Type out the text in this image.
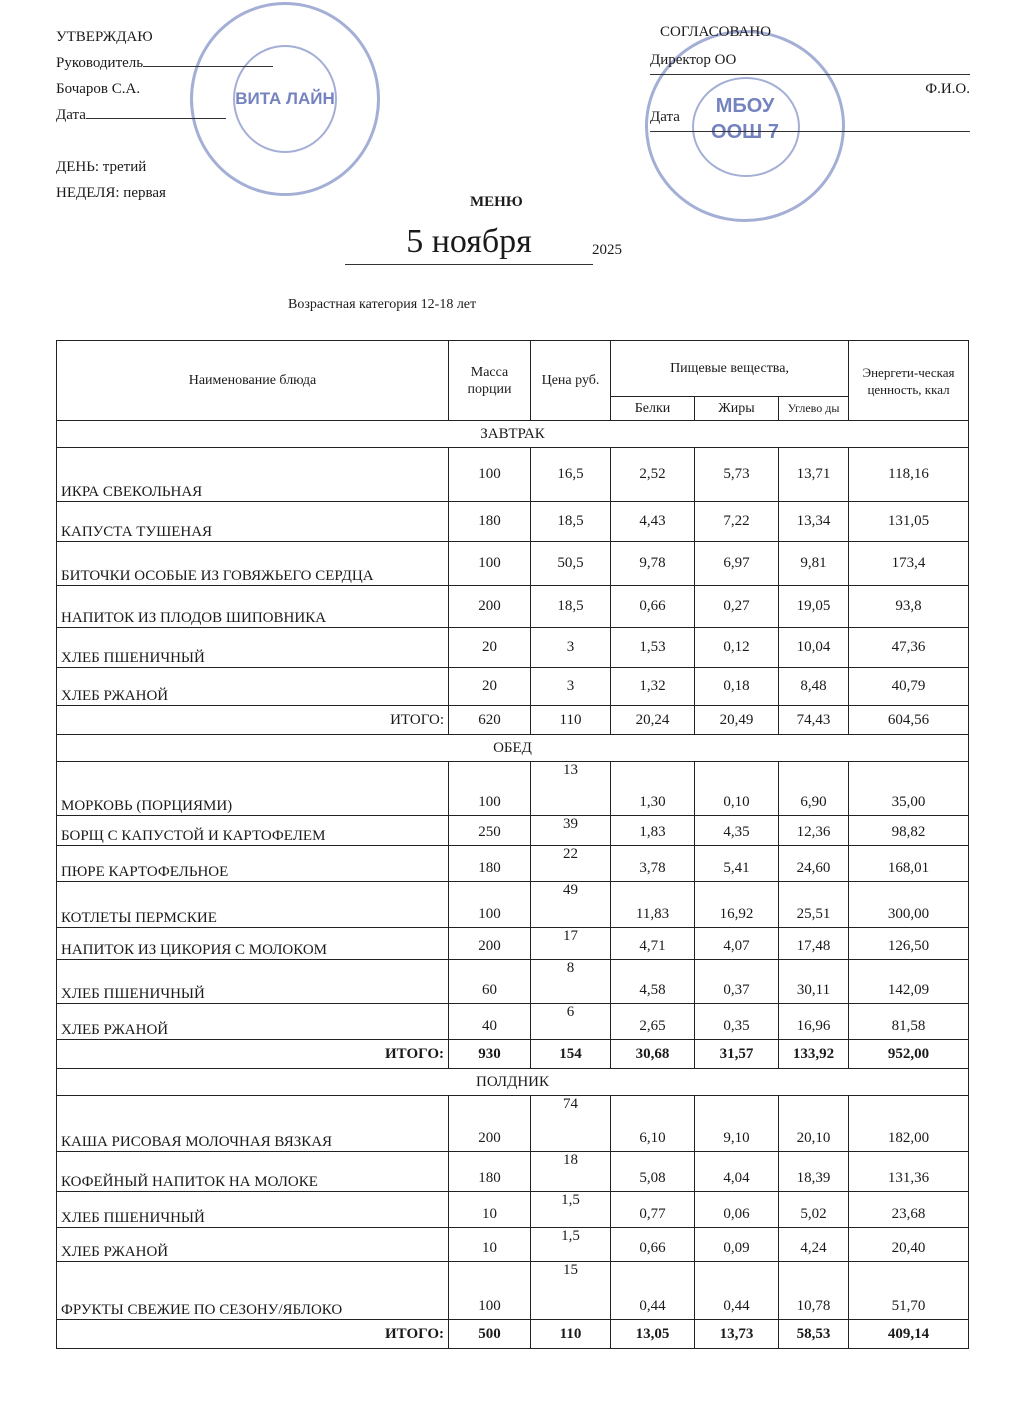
ВИТА ЛАЙН
УТВЕРЖДАЮ
Руководитель
Бочаров С.А.
Дата

ДЕНЬ: третий
НЕДЕЛЯ: первая
МБОУ
ООШ 7
СОГЛАСОВАНО
Директор ОО
Ф.И.О.
Дата
МЕНЮ
5 ноября	2025
Возрастная категория 12-18 лет
Наименование блюда	Масса порции	Цена руб.	Пищевые вещества,			Энергети-ческая ценность, ккал
			Белки	Жиры	Углево ды	
ЗАВТРАК						
ИКРА СВЕКОЛЬНАЯ	100	16,5	2,52	5,73	13,71	118,16
КАПУСТА ТУШЕНАЯ	180	18,5	4,43	7,22	13,34	131,05
БИТОЧКИ ОСОБЫЕ ИЗ ГОВЯЖЬЕГО СЕРДЦА	100	50,5	9,78	6,97	9,81	173,4
НАПИТОК ИЗ ПЛОДОВ ШИПОВНИКА	200	18,5	0,66	0,27	19,05	93,8
ХЛЕБ ПШЕНИЧНЫЙ	20	3	1,53	0,12	10,04	47,36
ХЛЕБ РЖАНОЙ	20	3	1,32	0,18	8,48	40,79
ИТОГО:	620	110	20,24	20,49	74,43	604,56
ОБЕД						
МОРКОВЬ (ПОРЦИЯМИ)	100	13	1,30	0,10	6,90	35,00
БОРЩ С КАПУСТОЙ И КАРТОФЕЛЕМ	250	39	1,83	4,35	12,36	98,82
ПЮРЕ КАРТОФЕЛЬНОЕ	180	22	3,78	5,41	24,60	168,01
КОТЛЕТЫ ПЕРМСКИЕ	100	49	11,83	16,92	25,51	300,00
НАПИТОК ИЗ ЦИКОРИЯ С МОЛОКОМ	200	17	4,71	4,07	17,48	126,50
ХЛЕБ ПШЕНИЧНЫЙ	60	8	4,58	0,37	30,11	142,09
ХЛЕБ РЖАНОЙ	40	6	2,65	0,35	16,96	81,58
ИТОГО:	930	154	30,68	31,57	133,92	952,00
ПОЛДНИК						
КАША РИСОВАЯ МОЛОЧНАЯ ВЯЗКАЯ	200	74	6,10	9,10	20,10	182,00
КОФЕЙНЫЙ НАПИТОК НА МОЛОКЕ	180	18	5,08	4,04	18,39	131,36
ХЛЕБ ПШЕНИЧНЫЙ	10	1,5	0,77	0,06	5,02	23,68
ХЛЕБ РЖАНОЙ	10	1,5	0,66	0,09	4,24	20,40
ФРУКТЫ СВЕЖИЕ ПО СЕЗОНУ/ЯБЛОКО	100	15	0,44	0,44	10,78	51,70
ИТОГО:	500	110	13,05	13,73	58,53	409,14
